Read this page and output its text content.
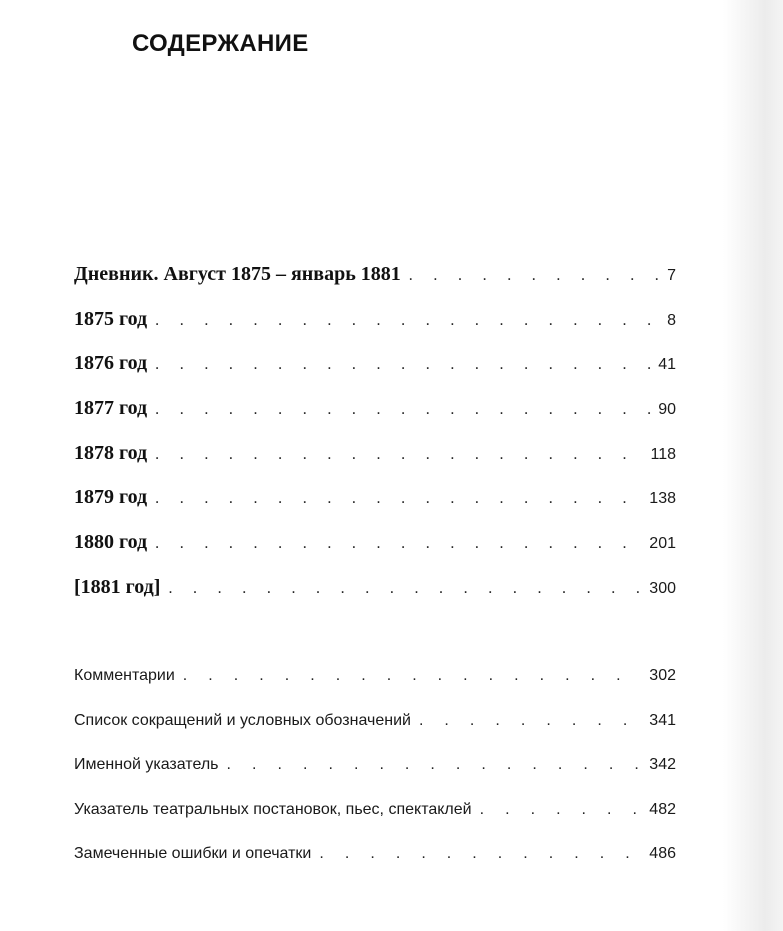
СОДЕРЖАНИЕ
Дневник. Август 1875 – январь 1881 . . .	7
1875 год . . .	8
1876 год . . .	41
1877 год . . .	90
1878 год . . .	118
1879 год . . .	138
1880 год . . .	201
[1881 год] . . .	300
Комментарии . . .	302
Список сокращений и условных обозначений . . .	341
Именной указатель . . .	342
Указатель театральных постановок, пьес, спектаклей . . .	482
Замеченные ошибки и опечатки . . .	486
